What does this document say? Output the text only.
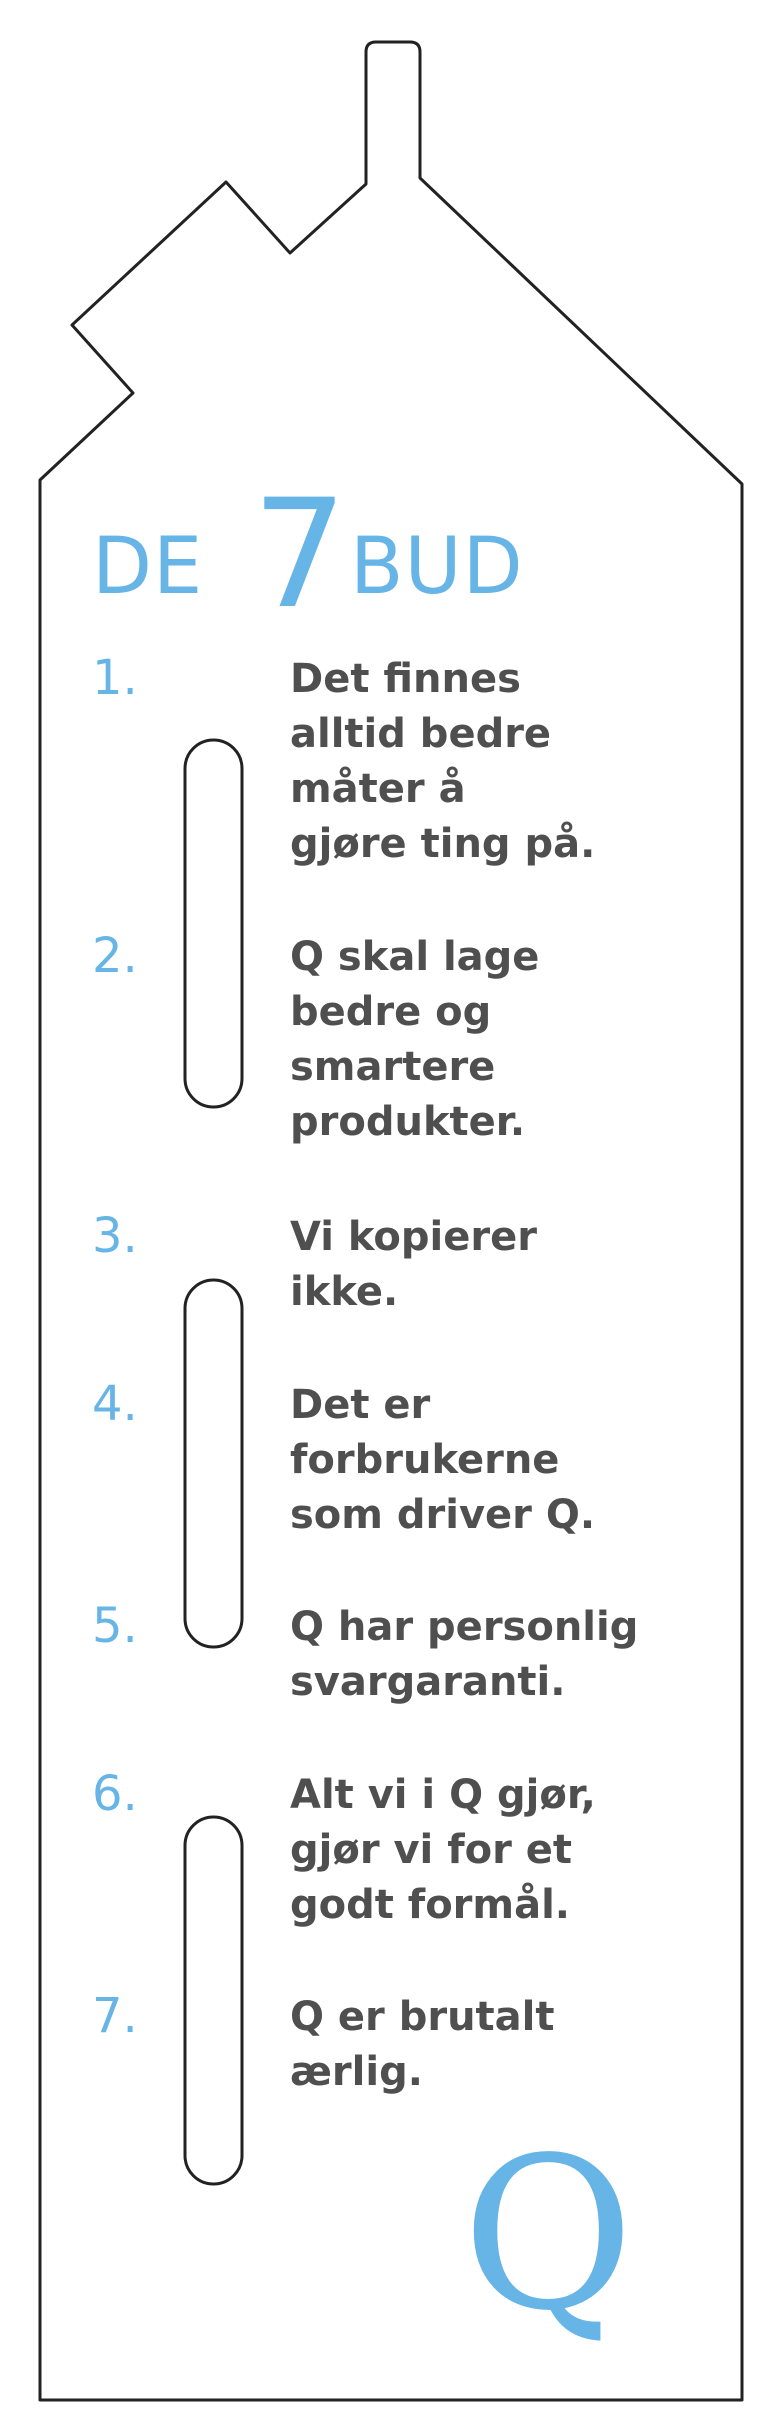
DE 7 BUD
1.	Det finnes
alltid bedre
måter å
gjøre ting på.
2.	Q skal lage
bedre og
smartere
produkter.
3.	Vi kopierer
ikke.
4.	Det er
forbrukerne
som driver Q.
5.	Q har personlig
svargaranti.
6.	Alt vi i Q gjør,
gjør vi for et
godt formål.
7.	Q er brutalt
ærlig.
Q
